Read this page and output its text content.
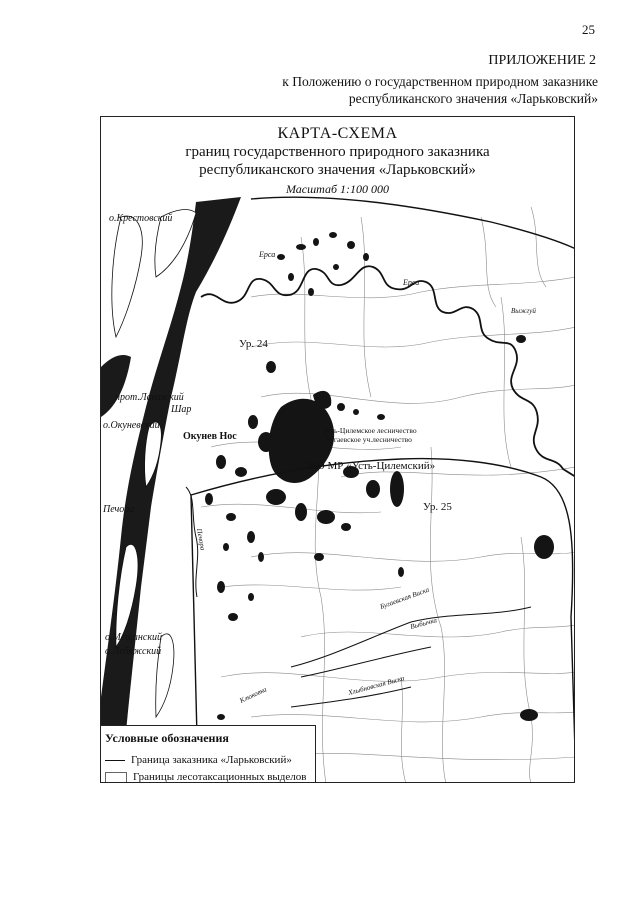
25
ПРИЛОЖЕНИЕ 2
к Положению о государственном природном заказнике
республиканского значения «Ларьковский»
КАРТА-СХЕМА
границ государственного природного заказника
республиканского значения «Ларьковский»
Масштаб 1:100 000
о.Крестовский
Ерса
Ерса
Выжгуй
Ур. 24
прот.Лавазский
Шар
о.Окуневский
Окунев Нос
Усть-Цилемское лесничество
Бугаевское уч.лесничество
МО МР «Усть-Цилемский»
Ур. 25
Печора
Печора
о.Мещанский
о.Лебяжский
Бугаевская Виска
Выбычка
Клюковка	Хлыбновская Виска
Условные обозначения
Граница заказника «Ларьковский»
Границы лесотаксационных выделов
